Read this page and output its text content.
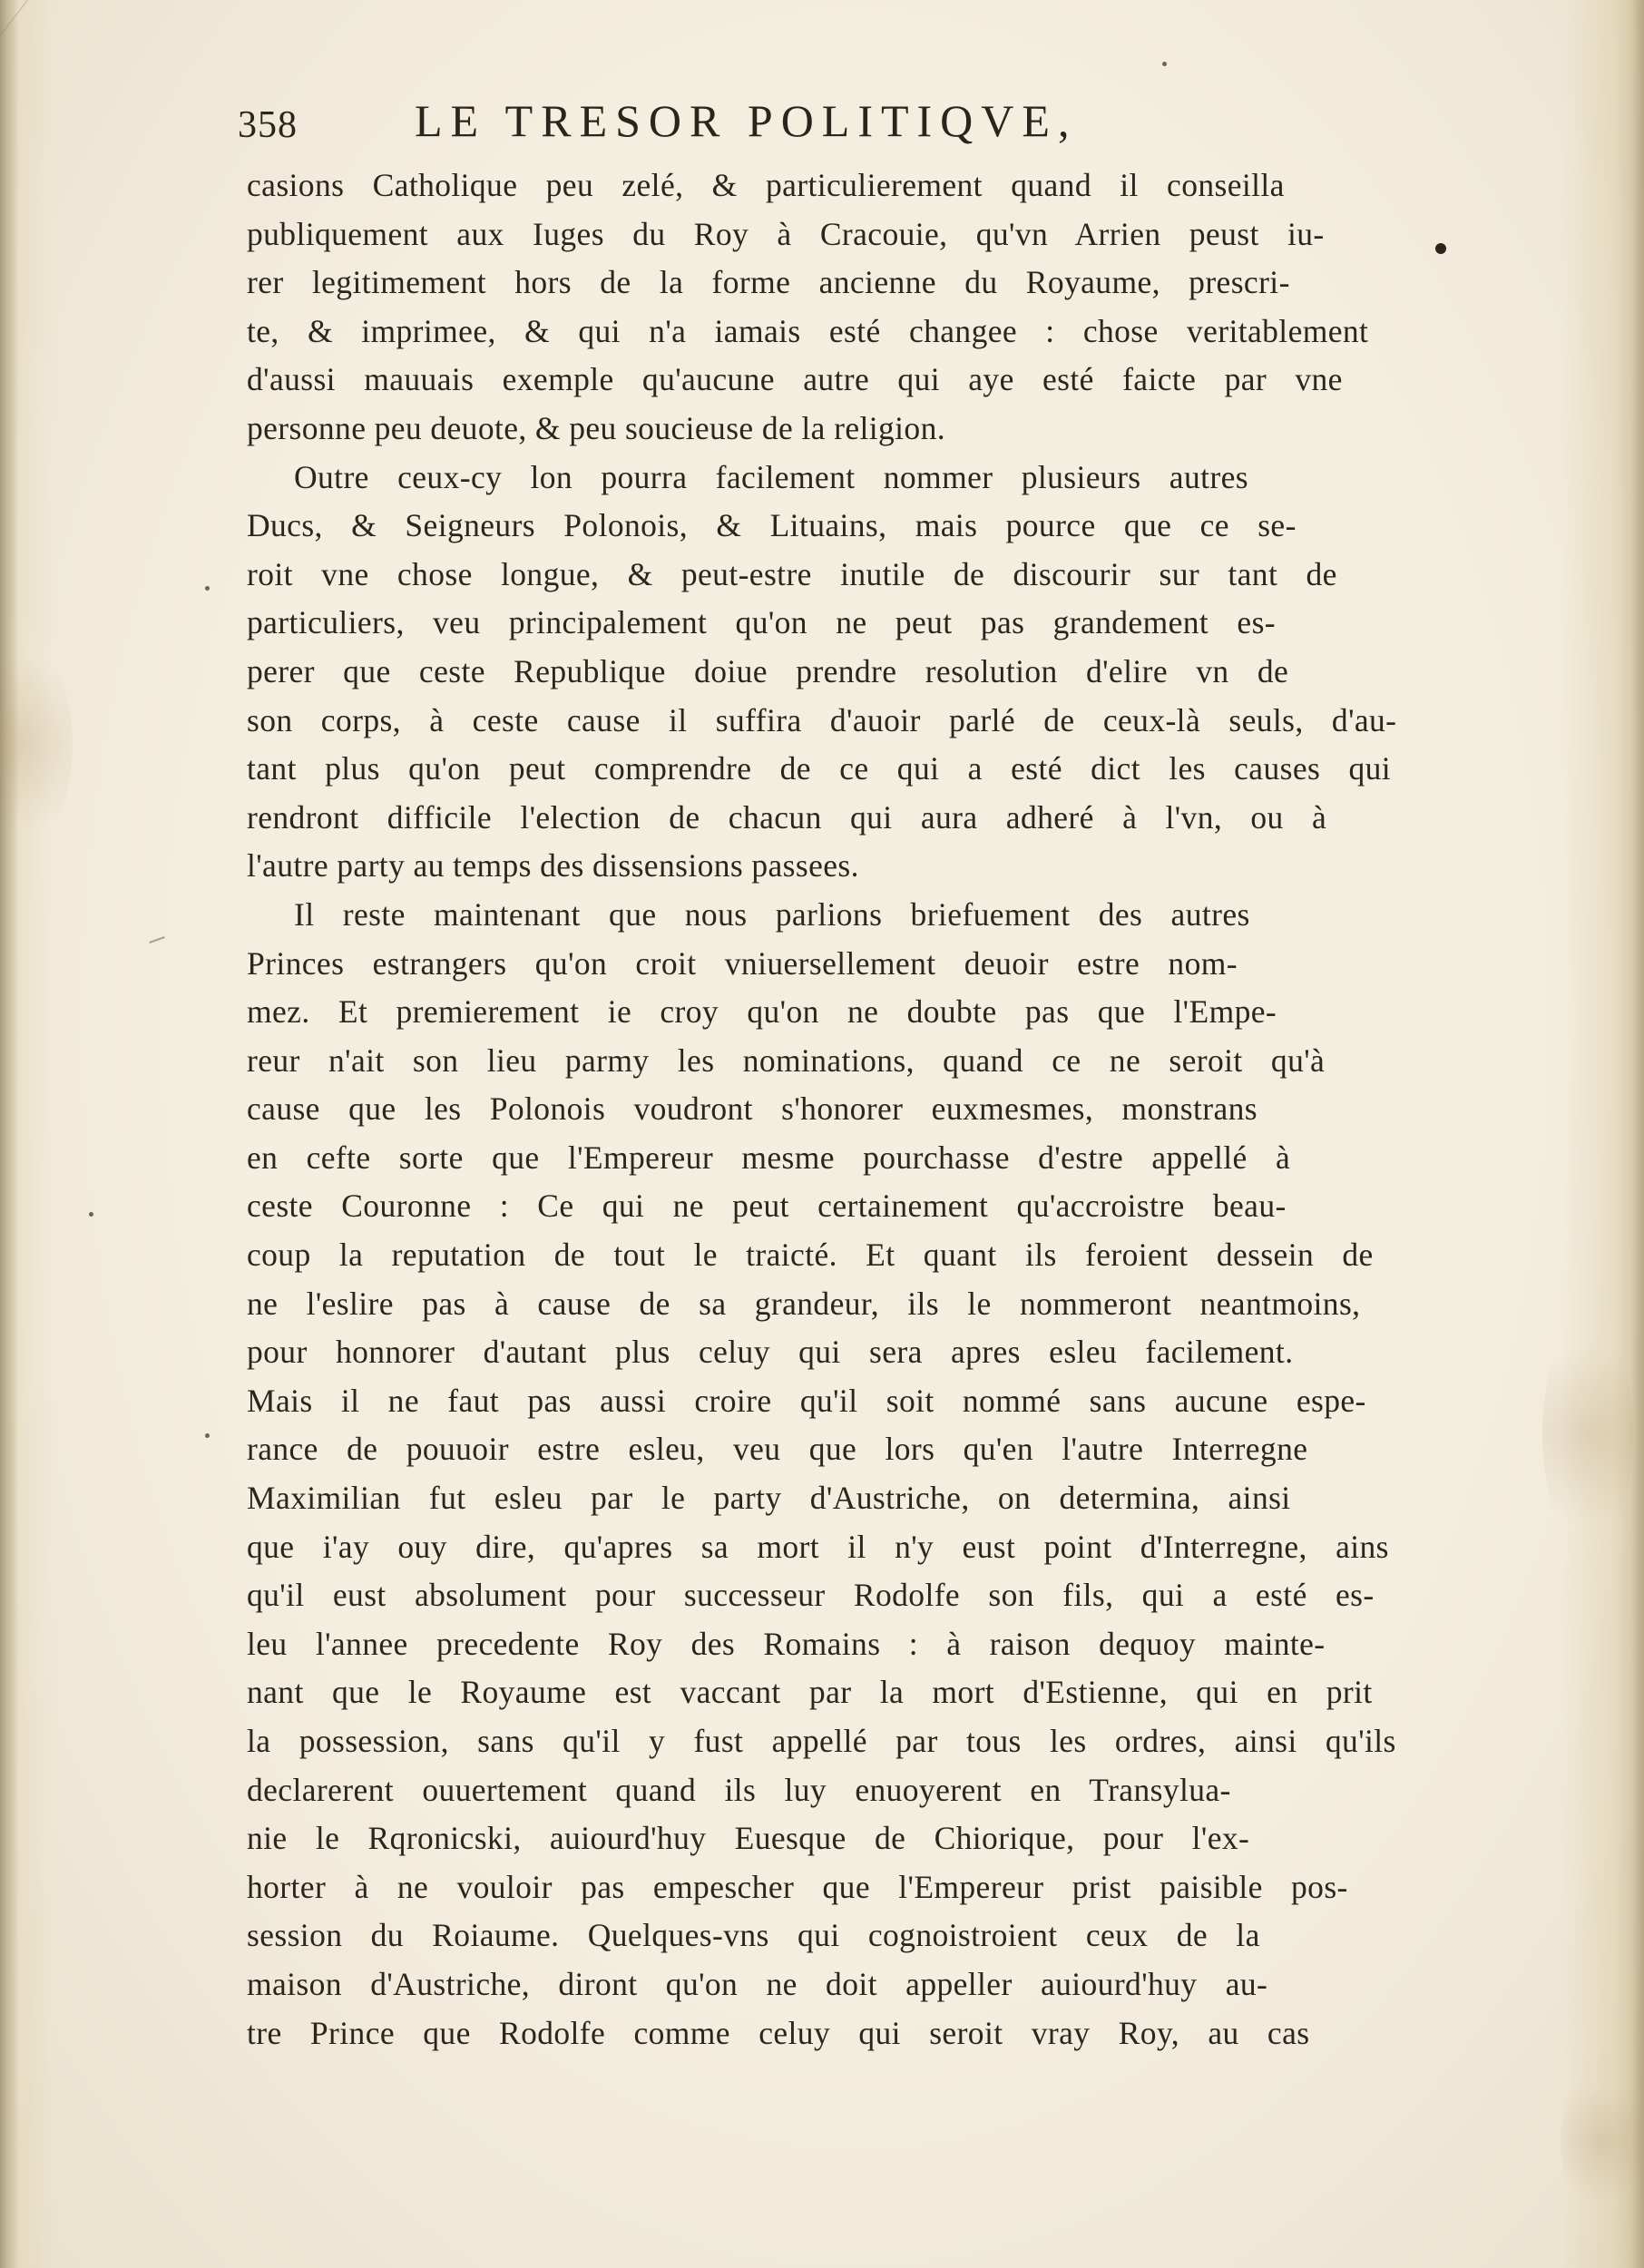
358	LE TRESOR POLITIQVE,
casions Catholique peu zelé, & particulierement quand il conseilla
publiquement aux Iuges du Roy à Cracouie, qu'vn Arrien peust iu-
rer legitimement hors de la forme ancienne du Royaume, prescri-
te, & imprimee, & qui n'a iamais esté changee : chose veritablement
d'aussi mauuais exemple qu'aucune autre qui aye esté faicte par vne
personne peu deuote, & peu soucieuse de la religion.
Outre ceux-cy lon pourra facilement nommer plusieurs autres
Ducs, & Seigneurs Polonois, & Lituains, mais pource que ce se-
roit vne chose longue, & peut-estre inutile de discourir sur tant de
particuliers, veu principalement qu'on ne peut pas grandement es-
perer que ceste Republique doiue prendre resolution d'elire vn de
son corps, à ceste cause il suffira d'auoir parlé de ceux-là seuls, d'au-
tant plus qu'on peut comprendre de ce qui a esté dict les causes qui
rendront difficile l'election de chacun qui aura adheré à l'vn, ou à
l'autre party au temps des dissensions passees.
Il reste maintenant que nous parlions briefuement des autres
Princes estrangers qu'on croit vniuersellement deuoir estre nom-
mez. Et premierement ie croy qu'on ne doubte pas que l'Empe-
reur n'ait son lieu parmy les nominations, quand ce ne seroit qu'à
cause que les Polonois voudront s'honorer euxmesmes, monstrans
en cefte sorte que l'Empereur mesme pourchasse d'estre appellé à
ceste Couronne : Ce qui ne peut certainement qu'accroistre beau-
coup la reputation de tout le traicté. Et quant ils feroient dessein de
ne l'eslire pas à cause de sa grandeur, ils le nommeront neantmoins,
pour honnorer d'autant plus celuy qui sera apres esleu facilement.
Mais il ne faut pas aussi croire qu'il soit nommé sans aucune espe-
rance de pouuoir estre esleu, veu que lors qu'en l'autre Interregne
Maximilian fut esleu par le party d'Austriche, on determina, ainsi
que i'ay ouy dire, qu'apres sa mort il n'y eust point d'Interregne, ains
qu'il eust absolument pour successeur Rodolfe son fils, qui a esté es-
leu l'annee precedente Roy des Romains : à raison dequoy mainte-
nant que le Royaume est vaccant par la mort d'Estienne, qui en prit
la possession, sans qu'il y fust appellé par tous les ordres, ainsi qu'ils
declarerent ouuertement quand ils luy enuoyerent en Transylua-
nie le Rqronicski, auiourd'huy Euesque de Chiorique, pour l'ex-
horter à ne vouloir pas empescher que l'Empereur prist paisible pos-
session du Roiaume. Quelques-vns qui cognoistroient ceux de la
maison d'Austriche, diront qu'on ne doit appeller auiourd'huy au-
tre Prince que Rodolfe comme celuy qui seroit vray Roy, au cas
